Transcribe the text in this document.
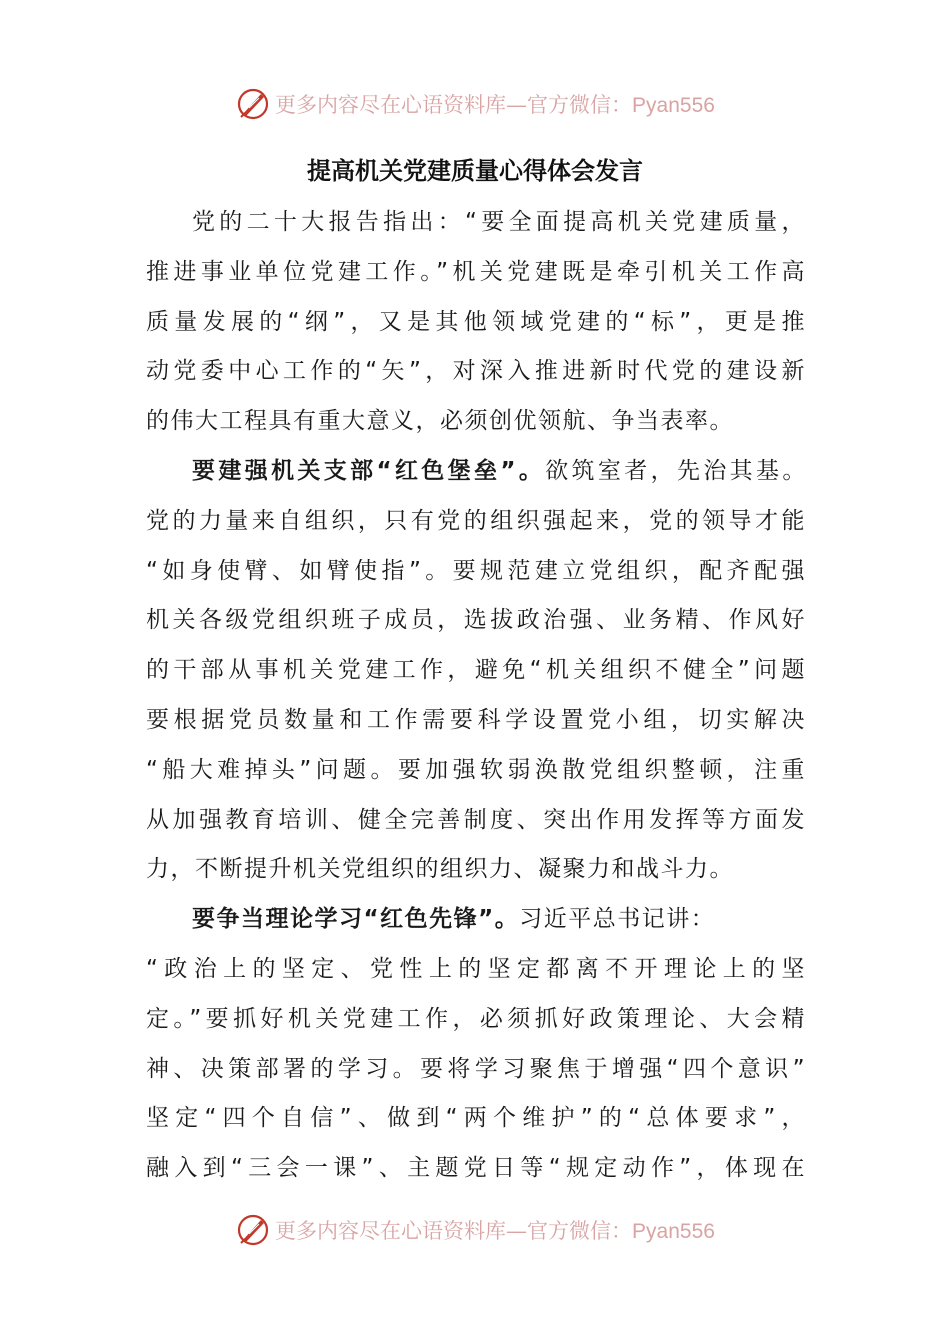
更多内容尽在心语资料库—官方微信：Pyan556
提高机关党建质量心得体会发言
党的二十大报告指出：“要全面提高机关党建质量，
推进事业单位党建工作。”机关党建既是牵引机关工作高
质量发展的“纲”，又是其他领域党建的“标”，更是推
动党委中心工作的“矢”，对深入推进新时代党的建设新
的伟大工程具有重大意义，必须创优领航、争当表率。
要建强机关支部“红色堡垒”。欲筑室者，先治其基。
党的力量来自组织，只有党的组织强起来，党的领导才能
“如身使臂、如臂使指”。要规范建立党组织，配齐配强
机关各级党组织班子成员，选拔政治强、业务精、作风好
的干部从事机关党建工作，避免“机关组织不健全”问题
要根据党员数量和工作需要科学设置党小组，切实解决
“船大难掉头”问题。要加强软弱涣散党组织整顿，注重
从加强教育培训、健全完善制度、突出作用发挥等方面发
力，不断提升机关党组织的组织力、凝聚力和战斗力。
要争当理论学习“红色先锋”。习近平总书记讲：
“政治上的坚定、党性上的坚定都离不开理论上的坚
定。”要抓好机关党建工作，必须抓好政策理论、大会精
神、决策部署的学习。要将学习聚焦于增强“四个意识”
坚定“四个自信”、做到“两个维护”的“总体要求”，
融入到“三会一课”、主题党日等“规定动作”，体现在
更多内容尽在心语资料库—官方微信：Pyan556
